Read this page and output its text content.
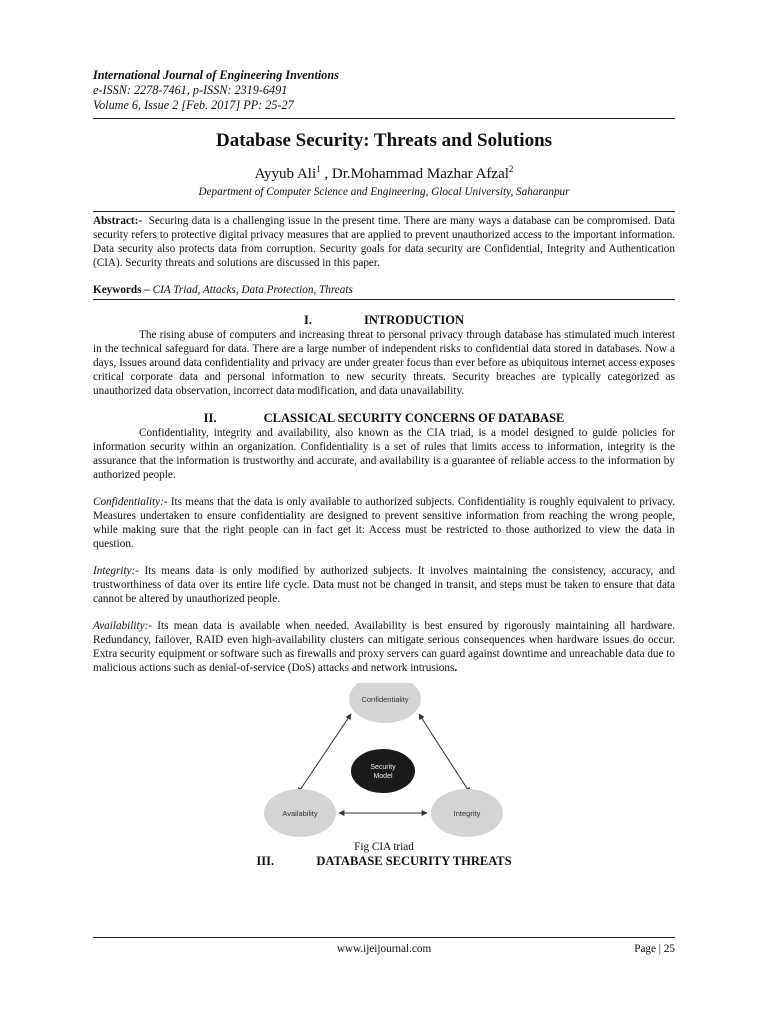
International Journal of Engineering Inventions
e-ISSN: 2278-7461, p-ISSN: 2319-6491
Volume 6, Issue 2 [Feb. 2017] PP: 25-27
Database Security: Threats and Solutions
Ayyub Ali$^1$ , Dr.Mohammad Mazhar Afzal$^2$
Department of Computer Science and Engineering, Glocal University, Saharanpur

Abstract:- Securing data is a challenging issue in the present time. There are many ways a database can be compromised. Data security refers to protective digital privacy measures that are applied to prevent unauthorized access to the important information. Data security also protects data from corruption. Security goals for data security are Confidential, Integrity and Authentication (CIA). Security threats and solutions are discussed in this paper.

Keywords – CIA Triad, Attacks, Data Protection, Threats
I.	INTRODUCTION

The rising abuse of computers and increasing threat to personal privacy through database has stimulated much interest in the technical safeguard for data. There are a large number of independent risks to confidential data stored in databases. Now a days, Issues around data confidentiality and privacy are under greater focus than ever before as ubiquitous internet access exposes critical corporate data and personal information to new security threats. Security breaches are typically categorized as unauthorized data observation, incorrect data modification, and data unavailability.

II.	CLASSICAL SECURITY CONCERNS OF DATABASE

Confidentiality, integrity and availability, also known as the CIA triad, is a model designed to guide policies for information security within an organization. Confidentiality is a set of rules that limits access to information, integrity is the assurance that the information is trustworthy and accurate, and availability is a guarantee of reliable access to the information by authorized people.

Confidentiality:- Its means that the data is only available to authorized subjects. Confidentiality is roughly equivalent to privacy. Measures undertaken to ensure confidentiality are designed to prevent sensitive information from reaching the wrong people, while making sure that the right people can in fact get it: Access must be restricted to those authorized to view the data in question.

Integrity:- Its means data is only modified by authorized subjects. It involves maintaining the consistency, accuracy, and trustworthiness of data over its entire life cycle. Data must not be changed in transit, and steps must be taken to ensure that data cannot be altered by unauthorized people.

Availability:- Its mean data is available when needed. Availability is best ensured by rigorously maintaining all hardware. Redundancy, failover, RAID even high-availability clusters can mitigate serious consequences when hardware issues do occur. Extra security equipment or software such as firewalls and proxy servers can guard against downtime and unreachable data due to malicious actions such as denial-of-service (DoS) attacks and network intrusions.

Confidentiality
Security
Model
Availability	Integrity
Fig CIA triad
III.	DATABASE SECURITY THREATS
www.ijeijournal.com	Page | 25
